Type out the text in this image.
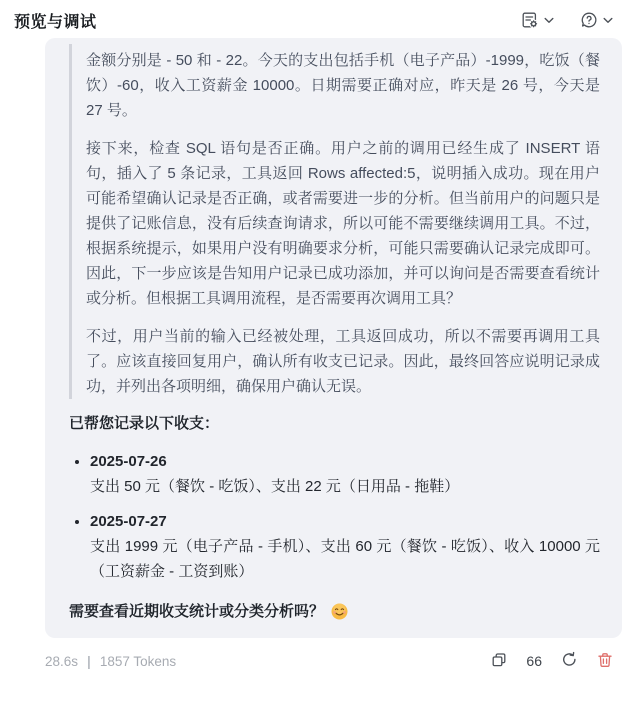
预览与调试

金额分别是 - 50 和 - 22。今天的支出包括手机（电子产品）-1999，吃饭（餐饮）-60，收入工资薪金 10000。日期需要正确对应，昨天是 26 号，今天是 27 号。

接下来，检查 SQL 语句是否正确。用户之前的调用已经生成了 INSERT 语句，插入了 5 条记录，工具返回 Rows affected:5，说明插入成功。现在用户可能希望确认记录是否正确，或者需要进一步的分析。但当前用户的问题只是提供了记账信息，没有后续查询请求，所以可能不需要继续调用工具。不过，根据系统提示，如果用户没有明确要求分析，可能只需要确认记录完成即可。因此，下一步应该是告知用户记录已成功添加，并可以询问是否需要查看统计或分析。但根据工具调用流程，是否需要再次调用工具？

不过，用户当前的输入已经被处理，工具返回成功，所以不需要再调用工具了。应该直接回复用户，确认所有收支已记录。因此，最终回答应说明记录成功，并列出各项明细，确保用户确认无误。

已帮您记录以下收支：

• 2025-07-26
支出 50 元（餐饮 - 吃饭）、支出 22 元（日用品 - 拖鞋）
• 2025-07-27
支出 1999 元（电子产品 - 手机）、支出 60 元（餐饮 - 吃饭）、收入 10000 元（工资薪金 - 工资到账）
需要查看近期收支统计或分类分析吗？
28.6s | 1857 Tokens	66
